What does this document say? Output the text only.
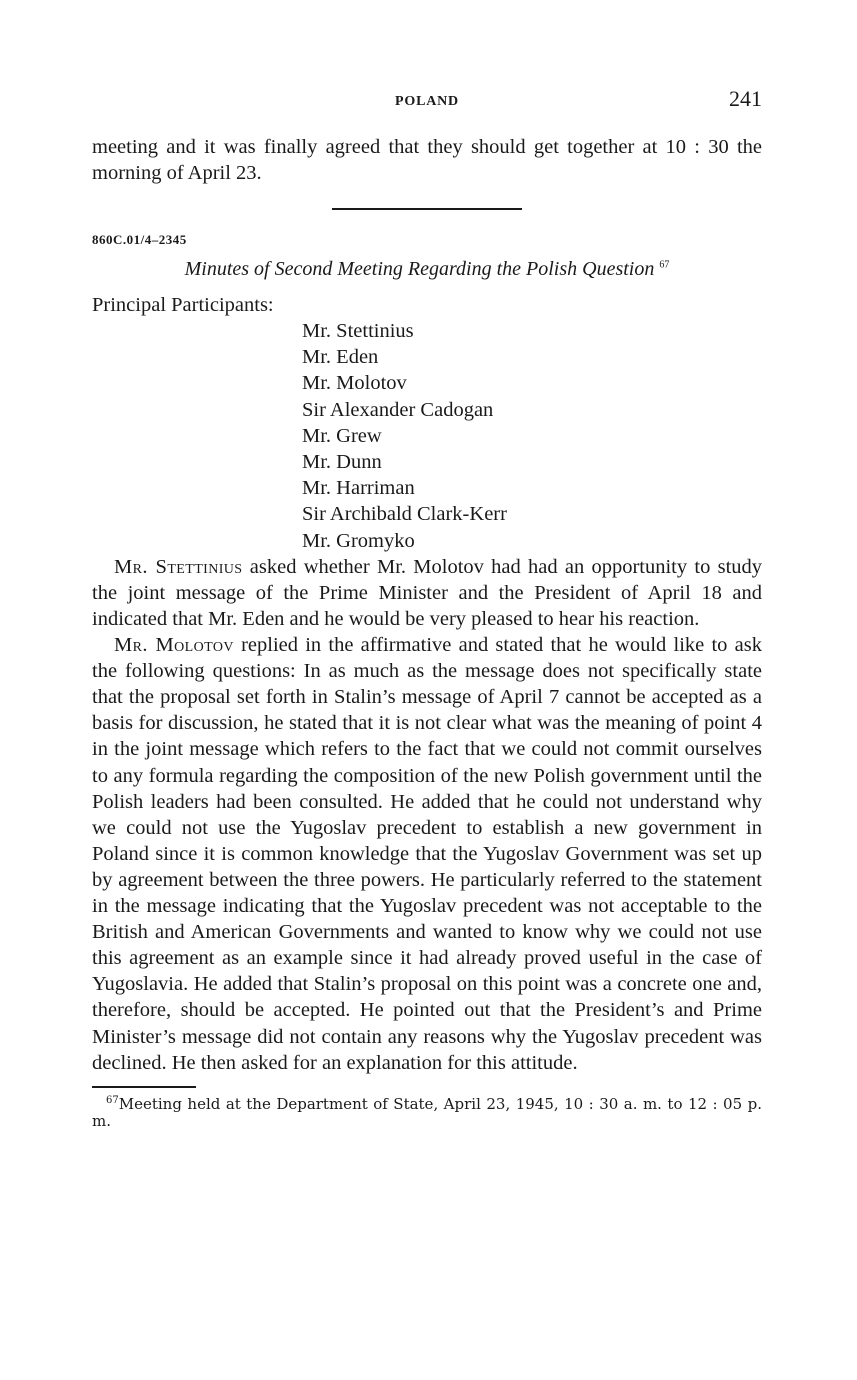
POLAND	241

meeting and it was finally agreed that they should get together at 10 : 30 the morning of April 23.

860C.01/4–2345
Minutes of Second Meeting Regarding the Polish Question $^{67}$
Principal Participants:
Mr. Stettinius
Mr. Eden
Mr. Molotov
Sir Alexander Cadogan
Mr. Grew
Mr. Dunn
Mr. Harriman
Sir Archibald Clark-Kerr
Mr. Gromyko

Mr. Stettinius asked whether Mr. Molotov had had an opportunity to study the joint message of the Prime Minister and the President of April 18 and indicated that Mr. Eden and he would be very pleased to hear his reaction.

Mr. Molotov replied in the affirmative and stated that he would like to ask the following questions: In as much as the message does not specifically state that the proposal set forth in Stalin’s message of April 7 cannot be accepted as a basis for discussion, he stated that it is not clear what was the meaning of point 4 in the joint message which refers to the fact that we could not commit ourselves to any formula regarding the composition of the new Polish government until the Polish leaders had been consulted. He added that he could not understand why we could not use the Yugoslav precedent to establish a new government in Poland since it is common knowledge that the Yugoslav Government was set up by agreement between the three powers. He particularly referred to the statement in the message indicating that the Yugoslav precedent was not acceptable to the British and American Governments and wanted to know why we could not use this agreement as an example since it had already proved useful in the case of Yugoslavia. He added that Stalin’s proposal on this point was a concrete one and, therefore, should be accepted. He pointed out that the President’s and Prime Minister’s message did not contain any reasons why the Yugoslav precedent was declined. He then asked for an explanation for this attitude.

$^{67}$Meeting held at the Department of State, April 23, 1945, 10 : 30 a. m. to 12 : 05 p. m.
